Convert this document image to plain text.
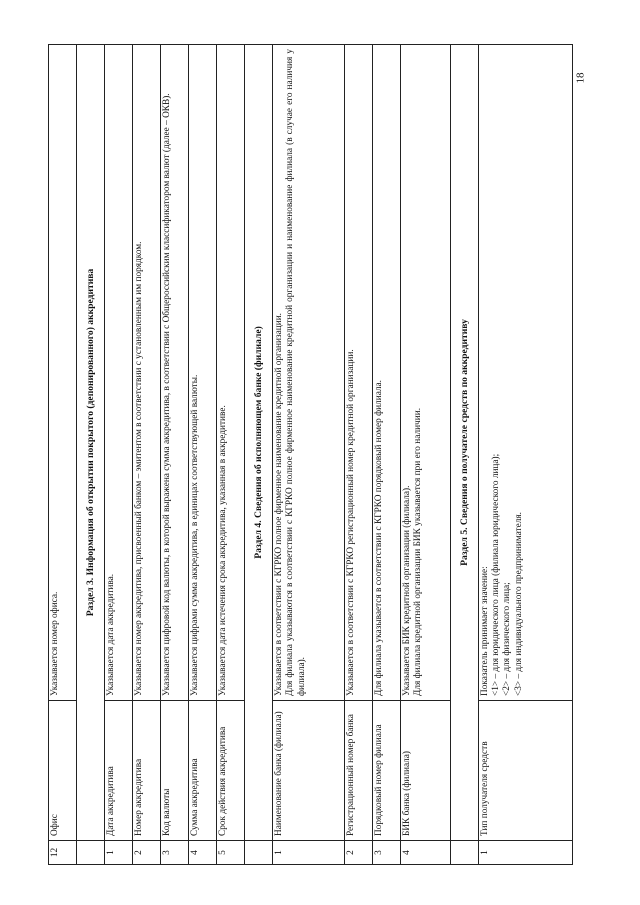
18
12	Офис	Указывается номер офиса.

	Раздел 3. Информация об открытии покрытого (депонированного) аккредитива	
1	Дата аккредитива	Указывается дата аккредитива.

2	Номер аккредитива	Указывается номер аккредитива, присвоенный банком – эмитентом в соответствии с установленным им порядком.

3	Код валюты	Указывается цифровой код валюты, в которой выражена сумма аккредитива, в соответствии с Общероссийским классификатором валют (далее – ОКВ).

4	Сумма аккредитива	Указывается цифрами сумма аккредитива, в единицах соответствующей валюты.

5	Срок действия аккредитива	Указывается дата истечения срока аккредитива, указанная в аккредитиве.

	Раздел 4. Сведения об исполняющем банке (филиале)	
1	Наименование банка (филиала)	Указывается в соответствии с КГРКО полное фирменное наименование кредитной организации. Для филиала указываются в соответствии с КГРКО полное фирменное наименование кредитной организации и наименование филиала (в случае его наличия у филиала).

2	Регистрационный номер банка	Указывается в соответствии с КГРКО регистрационный номер кредитной организации.

3	Порядковый номер филиала	Для филиала указывается в соответствии с КГРКО порядковый номер филиала.

4	БИК банка (филиала)	Указывается БИК кредитной организации (филиала). Для филиала кредитной организации БИК указывается при его наличии.

	Раздел 5. Сведения о получателе средств по аккредитиву	
1	Тип получателя средств	Показатель принимает значение: <1> – для юридического лица (филиала юридического лица); <2> – для физического лица; <3> – для индивидуального предпринимателя.
